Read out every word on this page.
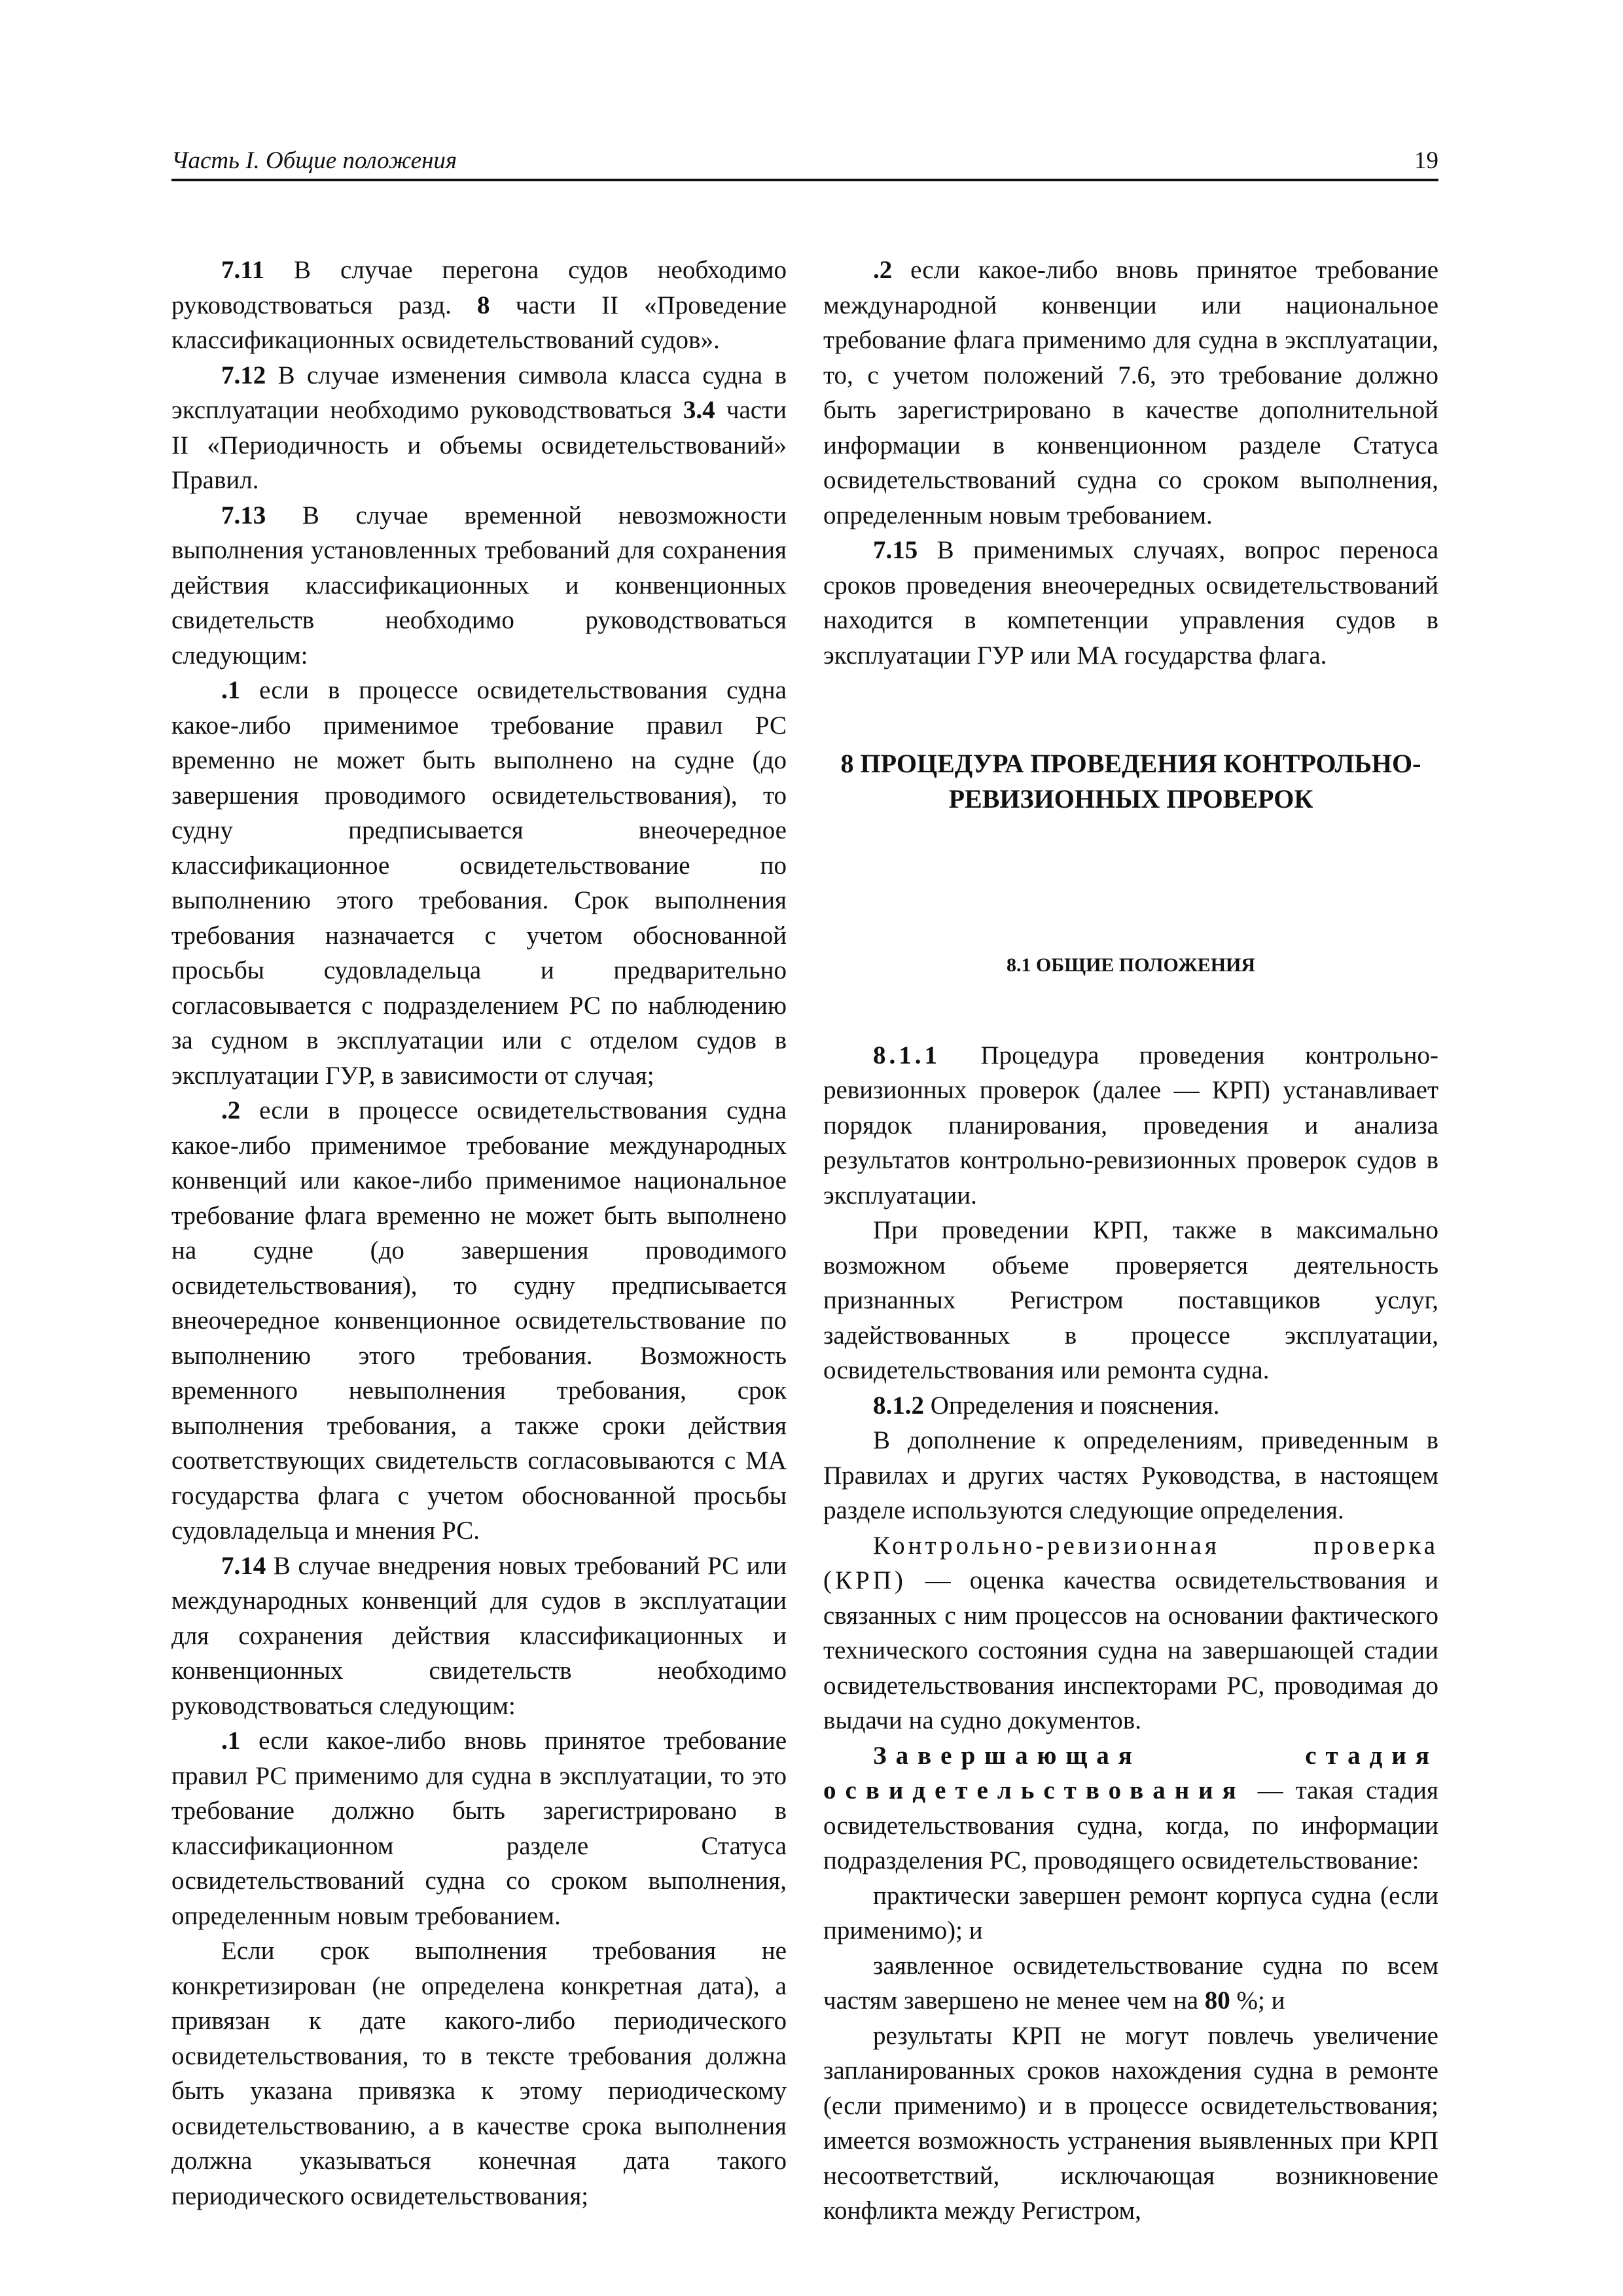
Часть I. Общие положения	19

7.11 В случае перегона судов необходимо руководствоваться разд. 8 части II «Проведение классификационных освидетельствований судов».

7.12 В случае изменения символа класса судна в эксплуатации необходимо руководствоваться 3.4 части II «Периодичность и объемы освидетельствований» Правил.

7.13 В случае временной невозможности выполнения установленных требований для сохранения действия классификационных и конвенционных свидетельств необходимо руководствоваться следующим:

.1 если в процессе освидетельствования судна какое-либо применимое требование правил РС временно не может быть выполнено на судне (до завершения проводимого освидетельствования), то судну предписывается внеочередное классификационное освидетельствование по выполнению этого требования. Срок выполнения требования назначается с учетом обоснованной просьбы судовладельца и предварительно согласовывается с подразделением РС по наблюдению за судном в эксплуатации или с отделом судов в эксплуатации ГУР, в зависимости от случая;

.2 если в процессе освидетельствования судна какое-либо применимое требование международных конвенций или какое-либо применимое национальное требование флага временно не может быть выполнено на судне (до завершения проводимого освидетельствования), то судну предписывается внеочередное конвенционное освидетельствование по выполнению этого требования. Возможность временного невыполнения требования, срок выполнения требования, а также сроки действия соответствующих свидетельств согласовываются с МА государства флага с учетом обоснованной просьбы судовладельца и мнения РС.

7.14 В случае внедрения новых требований РС или международных конвенций для судов в эксплуатации для сохранения действия классификационных и конвенционных свидетельств необходимо руководствоваться следующим:

.1 если какое-либо вновь принятое требование правил РС применимо для судна в эксплуатации, то это требование должно быть зарегистрировано в классификационном разделе Статуса освидетельствований судна со сроком выполнения, определенным новым требованием.

Если срок выполнения требования не конкретизирован (не определена конкретная дата), а привязан к дате какого-либо периодического освидетельствования, то в тексте требования должна быть указана привязка к этому периодическому освидетельствованию, а в качестве срока выполнения должна указываться конечная дата такого периодического освидетельствования;

.2 если какое-либо вновь принятое требование международной конвенции или национальное требование флага применимо для судна в эксплуатации, то, с учетом положений 7.6, это требование должно быть зарегистрировано в качестве дополнительной информации в конвенционном разделе Статуса освидетельствований судна со сроком выполнения, определенным новым требованием.

7.15 В применимых случаях, вопрос переноса сроков проведения внеочередных освидетельствований находится в компетенции управления судов в эксплуатации ГУР или МА государства флага.

8 ПРОЦЕДУРА ПРОВЕДЕНИЯ КОНТРОЛЬНО-
РЕВИЗИОННЫХ ПРОВЕРОК
8.1 ОБЩИЕ ПОЛОЖЕНИЯ

8.1.1 Процедура проведения контрольно-ревизионных проверок (далее — КРП) устанавливает порядок планирования, проведения и анализа результатов контрольно-ревизионных проверок судов в эксплуатации.

При проведении КРП, также в максимально возможном объеме проверяется деятельность признанных Регистром поставщиков услуг, задействованных в процессе эксплуатации, освидетельствования или ремонта судна.

8.1.2 Определения и пояснения.

В дополнение к определениям, приведенным в Правилах и других частях Руководства, в настоящем разделе используются следующие определения.

Контрольно-ревизионная проверка (КРП) — оценка качества освидетельствования и связанных с ним процессов на основании фактического технического состояния судна на завершающей стадии освидетельствования инспекторами РС, проводимая до выдачи на судно документов.

Завершающая стадия освидетельствования — такая стадия освидетельствования судна, когда, по информации подразделения РС, проводящего освидетельствование:

практически завершен ремонт корпуса судна (если применимо); и

заявленное освидетельствование судна по всем частям завершено не менее чем на 80 %; и

результаты КРП не могут повлечь увеличение запланированных сроков нахождения судна в ремонте (если применимо) и в процессе освидетельствования; имеется возможность устранения выявленных при КРП несоответствий, исключающая возникновение конфликта между Регистром,
